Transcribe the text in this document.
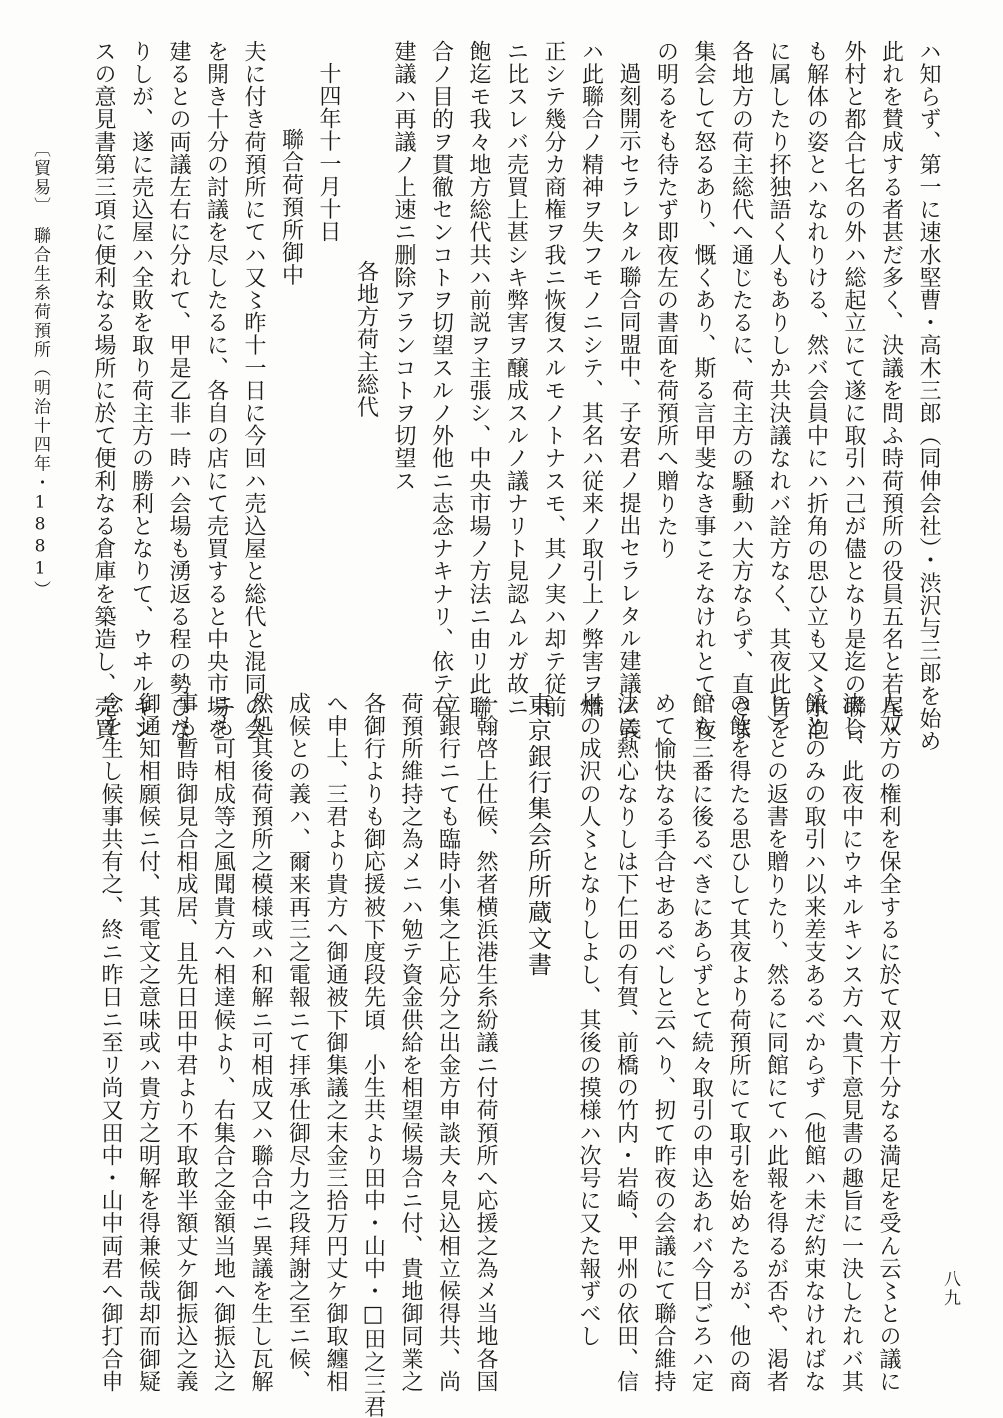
〔貿易〕　聯合生糸荷預所（明治十四年・1881）	ハ知らず、第一に速水堅曹・高木三郎（同伸会社）・渋沢与三郎を始め
此れを賛成する者甚だ多く、決議を問ふ時荷預所の役員五名と若尾・
外村と都合七名の外ハ総起立にて遂に取引ハ己が儘となり是迄の聯合
も解体の姿とハなれりける、然バ会員中にハ折角の思ひ立も又〻水泡
に属したり抔独語く人もありしか共決議なれバ詮方なく、其夜此旨を
各地方の荷主総代へ通じたるに、荷主方の騒動ハ大方ならず、直さま
集会して怒るあり、慨くあり、斯る言甲斐なき事こそなけれとて、夜
の明るをも待たず即夜左の書面を荷預所へ贈りたり
過刻開示セラレタル聯合同盟中、子安君ノ提出セラレタル建議ノ義
ハ此聯合ノ精神ヲ失フモノニシテ、其名ハ従来ノ取引上ノ弊害ヲ矯
正シテ幾分カ商権ヲ我ニ恢復スルモノトナスモ、其ノ実ハ却テ従前
ニ比スレバ売買上甚シキ弊害ヲ醸成スルノ議ナリト見認ムルガ故ニ
飽迄モ我々地方総代共ハ前説ヲ主張シ、中央市場ノ方法ニ由リ此聯
合ノ目的ヲ貫徹センコトヲ切望スルノ外他ニ志念ナキナリ、依テ右
建議ハ再議ノ上速ニ删除アランコトヲ切望ス
各地方荷主総代
十四年十一月十日
聯合荷預所御中
夫に付き荷預所にてハ又〻昨十一日に今回ハ売込屋と総代と混同の会
を開き十分の討議を尽したるに、各自の店にて売買すると中央市場を
建るとの両議左右に分れて、甲是乙非一時ハ会場も湧返る程の勢ひな
りしが、遂に売込屋ハ全敗を取り荷主方の勝利となりて、ウヰルキン
スの意見書第三項に便利なる場所に於て便利なる倉庫を築造し、売買
人双方の権利を保全するに於て双方十分なる満足を受ん云〻との議に
決し、此夜中にウヰルキンス方へ貴下意見書の趣旨に一決したれバ其
館とのみの取引ハ以来差支あるべからず（他館ハ未だ約束なければな
り）との返書を贈りたり、然るに同館にてハ此報を得るが否や、渇者
の飲を得たる思ひして其夜より荷預所にて取引を始めたるが、他の商
館も三番に後るべきにあらずとて続々取引の申込あれバ今日ごろハ定
めて愉快なる手合せあるべしと云へり、扨て昨夜の会議にて聯合維持
法に熱心なりしは下仁田の有賀、前橋の竹内・岩崎、甲州の依田、信
州の成沢の人〻となりしよし、其後の摸様ハ次号に又た報ずべし
東京銀行集会所所蔵文書
一翰啓上仕候、然者横浜港生糸紛議ニ付荷預所へ応援之為メ当地各国
立銀行ニても臨時小集之上応分之出金方申談夫々見込相立候得共、尚
荷預所維持之為メニハ勉テ資金供給を相望候場合ニ付、貴地御同業之
各御行よりも御応援被下度段先頃　小生共より田中・山中・□田之三君
へ申上、三君より貴方へ御通被下御集議之末金三拾万円丈ケ御取纏相
成候との義ハ、爾来再三之電報ニて拝承仕御尽力之段拜謝之至ニ候、
然処其後荷預所之模様或ハ和解ニ可相成又ハ聯合中ニ異議を生し瓦解
ニも可相成等之風聞貴方へ相達候より、右集合之金額当地へ御振込之
事も暫時御見合相成居、且先日田中君より不取敢半額丈ケ御振込之義
御通知相願候ニ付、其電文之意味或ハ貴方之明解を得兼候哉却而御疑
念を生し候事共有之、終ニ昨日ニ至リ尚又田中・山中両君へ御打合申	八九
